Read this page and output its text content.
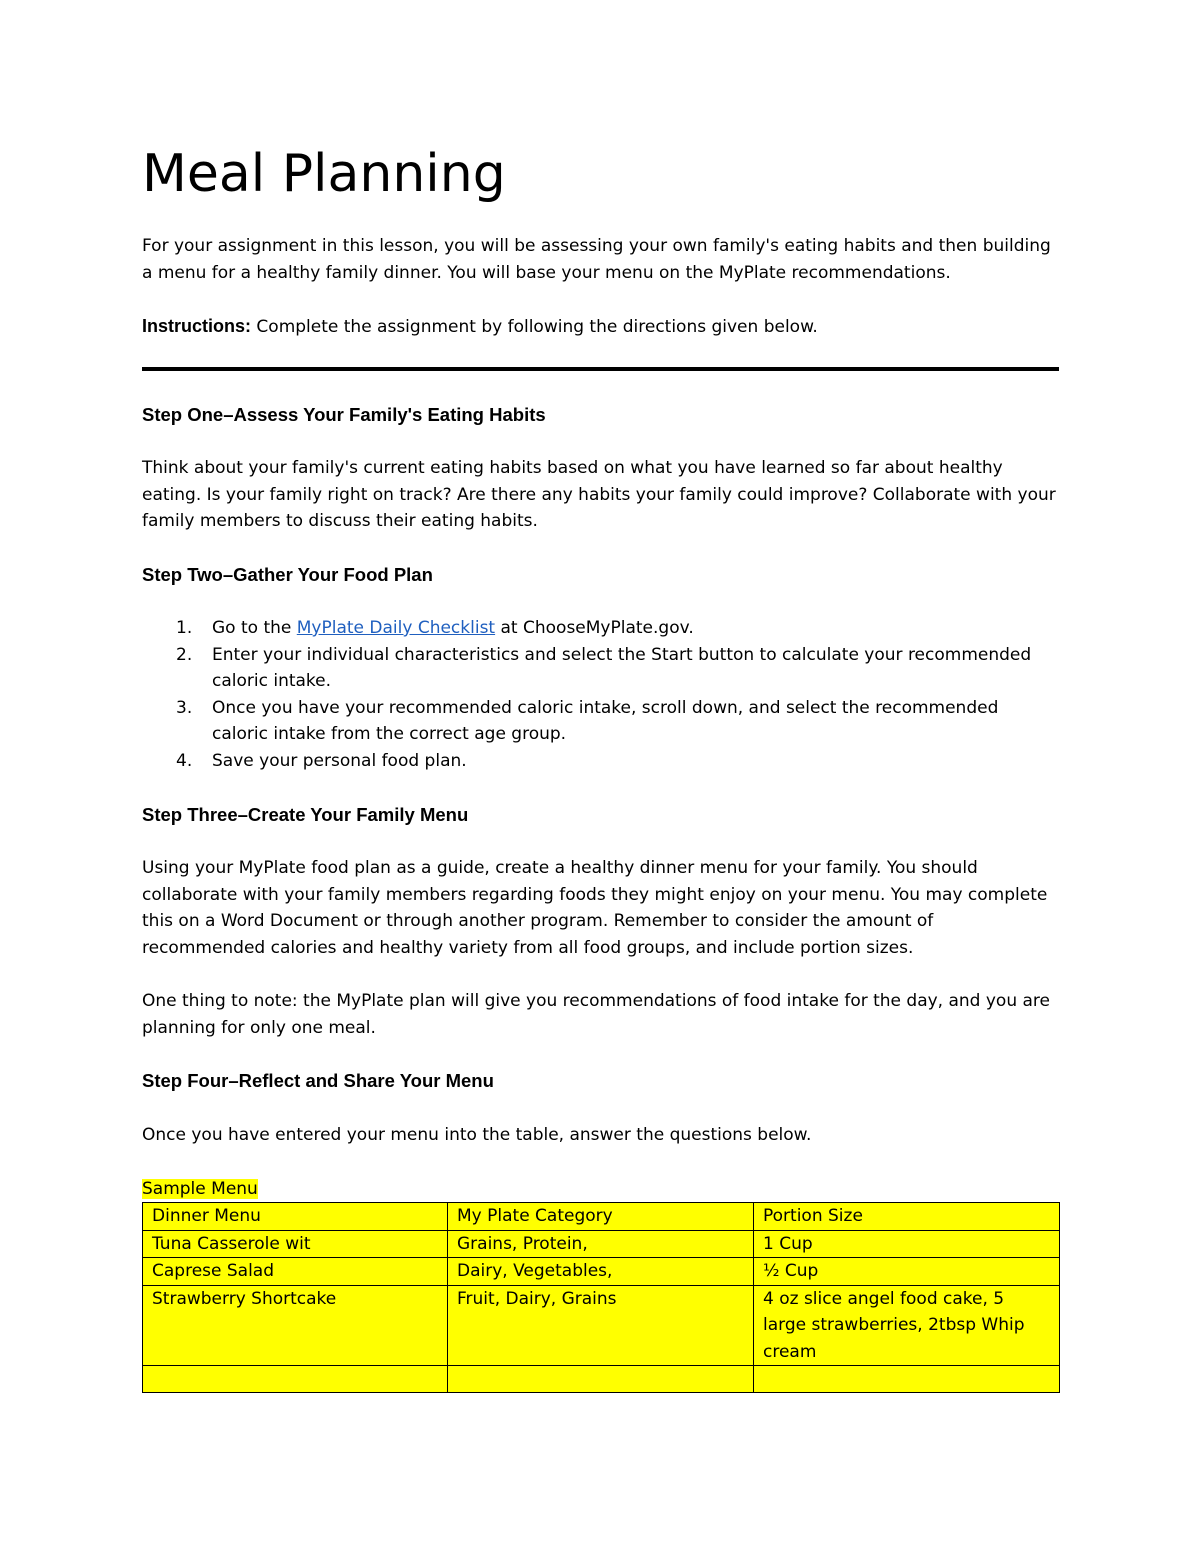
Meal Planning

For your assignment in this lesson, you will be assessing your own family's eating habits and then building a menu for a healthy family dinner. You will base your menu on the MyPlate recommendations.

Instructions: Complete the assignment by following the directions given below.

Step One–Assess Your Family's Eating Habits

Think about your family's current eating habits based on what you have learned so far about healthy eating. Is your family right on track? Are there any habits your family could improve? Collaborate with your family members to discuss their eating habits.

Step Two–Gather Your Food Plan
1. Go to the MyPlate Daily Checklist at ChooseMyPlate.gov.
2. Enter your individual characteristics and select the Start button to calculate your recommended caloric intake.
3. Once you have your recommended caloric intake, scroll down, and select the recommended caloric intake from the correct age group.
4. Save your personal food plan.
Step Three–Create Your Family Menu

Using your MyPlate food plan as a guide, create a healthy dinner menu for your family. You should collaborate with your family members regarding foods they might enjoy on your menu. You may complete this on a Word Document or through another program. Remember to consider the amount of recommended calories and healthy variety from all food groups, and include portion sizes.

One thing to note: the MyPlate plan will give you recommendations of food intake for the day, and you are planning for only one meal.

Step Four–Reflect and Share Your Menu

Once you have entered your menu into the table, answer the questions below.

Sample Menu

Dinner Menu	My Plate Category	Portion Size
Tuna Casserole wit	Grains, Protein,	1 Cup
Caprese Salad	Dairy, Vegetables,	½ Cup
Strawberry Shortcake	Fruit, Dairy, Grains	4 oz slice angel food cake, 5 large strawberries, 2tbsp Whip cream
